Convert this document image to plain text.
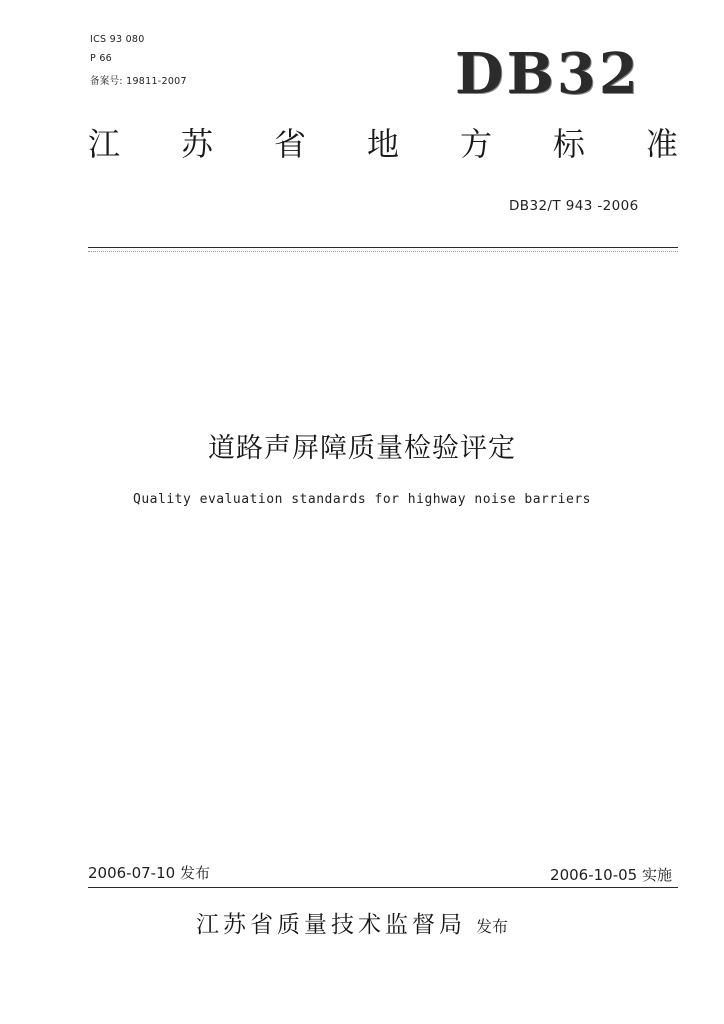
ICS 93 080
P 66
备案号: 19811-2007	DB32
江 苏 省 地 方 标 准
DB32/T 943 -2006
道路声屏障质量检验评定
Quality evaluation standards for highway noise barriers
2006-07-10 发布	2006-10-05 实施
江苏省质量技术监督局 发布
